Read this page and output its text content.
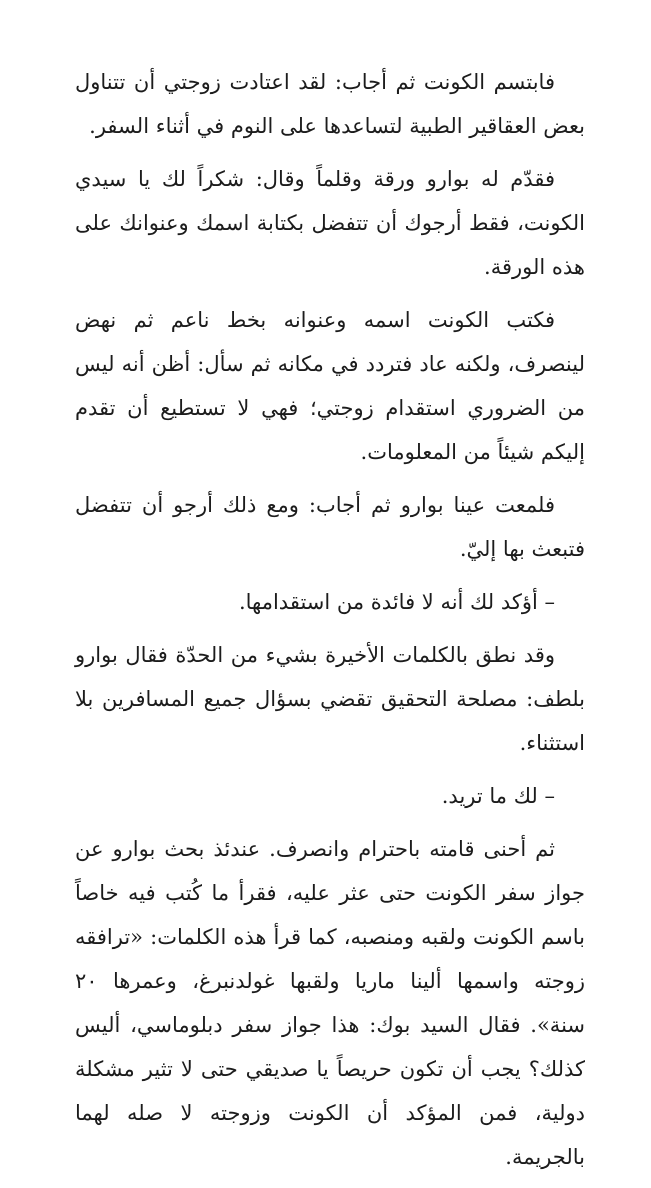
فابتسم الكونت ثم أجاب: لقد اعتادت زوجتي أن تتناول بعض العقاقير الطبية لتساعدها على النوم في أثناء السفر.

فقدّم له بوارو ورقة وقلماً وقال: شكراً لك يا سيدي الكونت، فقط أرجوك أن تتفضل بكتابة اسمك وعنوانك على هذه الورقة.

فكتب الكونت اسمه وعنوانه بخط ناعم ثم نهض لينصرف، ولكنه عاد فتردد في مكانه ثم سأل: أظن أنه ليس من الضروري استقدام زوجتي؛ فهي لا تستطيع أن تقدم إليكم شيئاً من المعلومات.

فلمعت عينا بوارو ثم أجاب: ومع ذلك أرجو أن تتفضل فتبعث بها إليّ.

– أؤكد لك أنه لا فائدة من استقدامها.

وقد نطق بالكلمات الأخيرة بشيء من الحدّة فقال بوارو بلطف: مصلحة التحقيق تقضي بسؤال جميع المسافرين بلا استثناء.

– لك ما تريد.

ثم أحنى قامته باحترام وانصرف. عندئذ بحث بوارو عن جواز سفر الكونت حتى عثر عليه، فقرأ ما كُتب فيه خاصاً باسم الكونت ولقبه ومنصبه، كما قرأ هذه الكلمات: «ترافقه زوجته واسمها ألينا ماريا ولقبها غولدنبرغ، وعمرها ٢٠ سنة». فقال السيد بوك: هذا جواز سفر دبلوماسي، أليس كذلك؟ يجب أن تكون حريصاً يا صديقي حتى لا تثير مشكلة دولية، فمن المؤكد أن الكونت وزوجته لا صله لهما بالجريمة.
